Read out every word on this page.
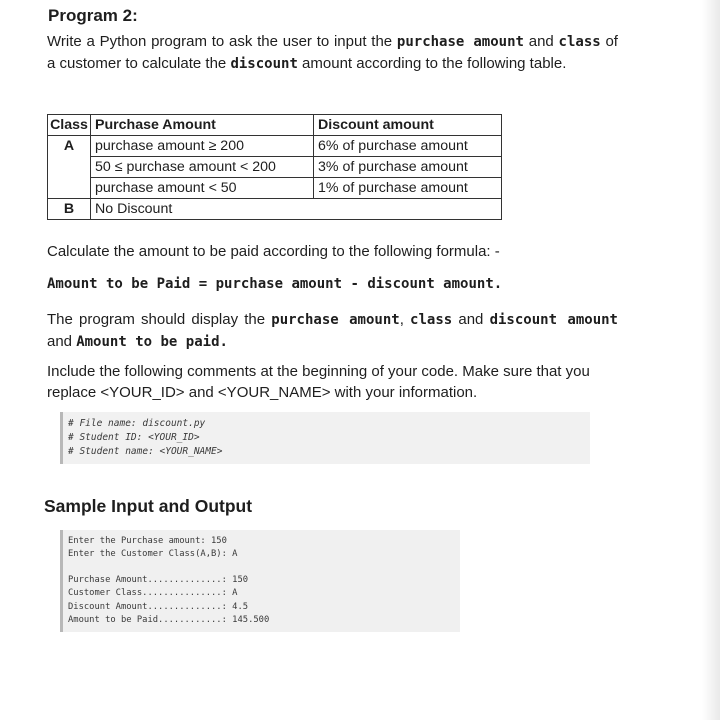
Program 2:

Write a Python program to ask the user to input the purchase amount and class of a customer to calculate the discount amount according to the following table.

Class	Purchase Amount	Discount amount
A	purchase amount ≥ 200	6% of purchase amount
	50 ≤ purchase amount < 200	3% of purchase amount
	purchase amount < 50	1% of purchase amount
B	No Discount	

Calculate the amount to be paid according to the following formula: -

Amount to be Paid = purchase amount - discount amount.

The program should display the purchase amount, class and discount amount and Amount to be paid.

Include the following comments at the beginning of your code. Make sure that you replace <YOUR_ID> and <YOUR_NAME> with your information.

# File name: discount.py
# Student ID: <YOUR_ID>
# Student name: <YOUR_NAME>
Sample Input and Output
Enter the Purchase amount: 150
Enter the Customer Class(A,B): A
Purchase Amount..............: 150
Customer Class...............: A
Discount Amount..............: 4.5
Amount to be Paid............: 145.500
